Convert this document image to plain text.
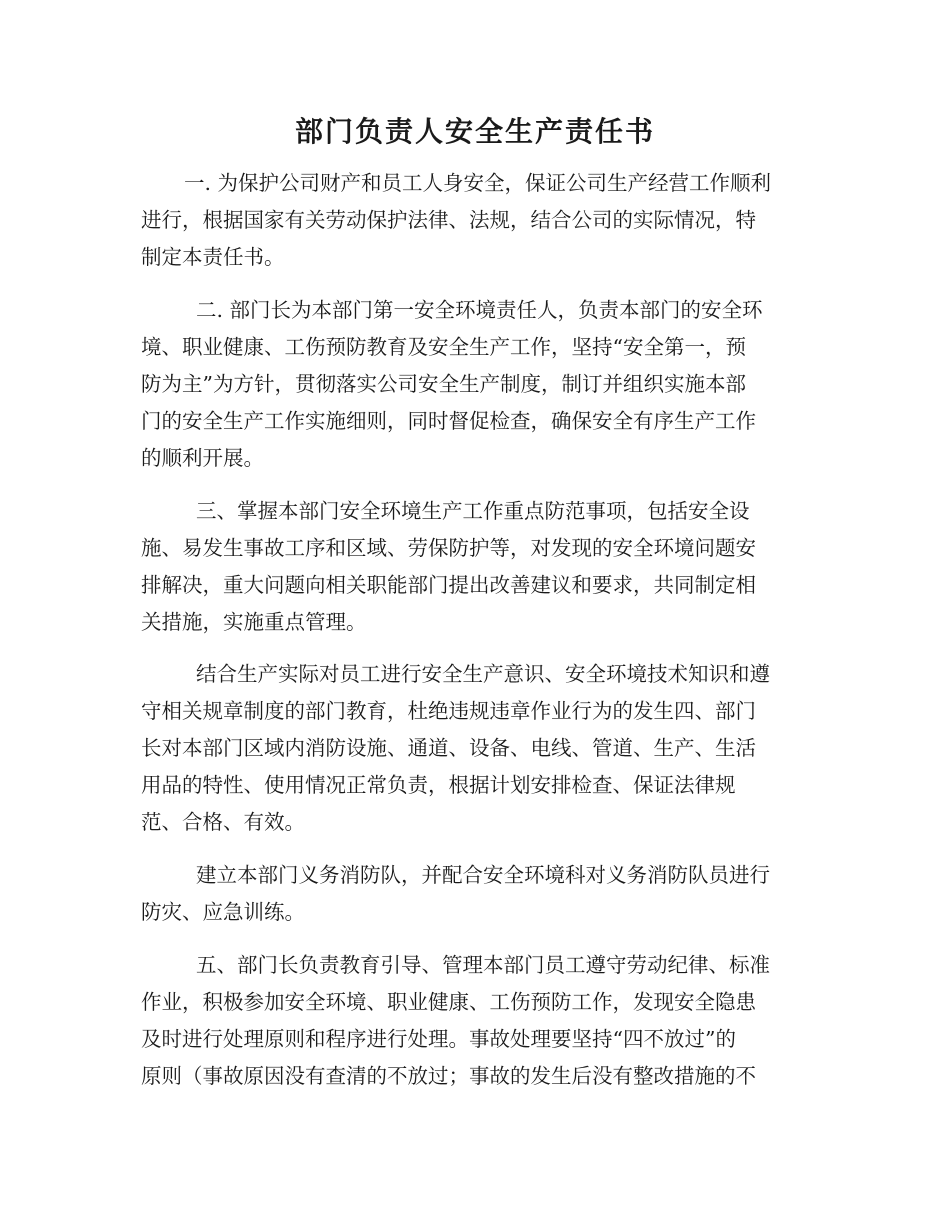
部门负责人安全生产责任书
一. 为保护公司财产和员工人身安全，保证公司生产经营工作顺利
进行，根据国家有关劳动保护法律、法规，结合公司的实际情况，特
制定本责任书。
二. 部门长为本部门第一安全环境责任人，负责本部门的安全环
境、职业健康、工伤预防教育及安全生产工作，坚持“安全第一，预
防为主”为方针，贯彻落实公司安全生产制度，制订并组织实施本部
门的安全生产工作实施细则，同时督促检查，确保安全有序生产工作
的顺利开展。
三、掌握本部门安全环境生产工作重点防范事项，包括安全设
施、易发生事故工序和区域、劳保防护等，对发现的安全环境问题安
排解决，重大问题向相关职能部门提出改善建议和要求，共同制定相
关措施，实施重点管理。
结合生产实际对员工进行安全生产意识、安全环境技术知识和遵
守相关规章制度的部门教育，杜绝违规违章作业行为的发生四、部门
长对本部门区域内消防设施、通道、设备、电线、管道、生产、生活
用品的特性、使用情况正常负责，根据计划安排检查、保证法律规
范、合格、有效。
建立本部门义务消防队，并配合安全环境科对义务消防队员进行
防灾、应急训练。
五、部门长负责教育引导、管理本部门员工遵守劳动纪律、标准
作业，积极参加安全环境、职业健康、工伤预防工作，发现安全隐患
及时进行处理原则和程序进行处理。事故处理要坚持“四不放过”的
原则（事故原因没有查清的不放过；事故的发生后没有整改措施的不
